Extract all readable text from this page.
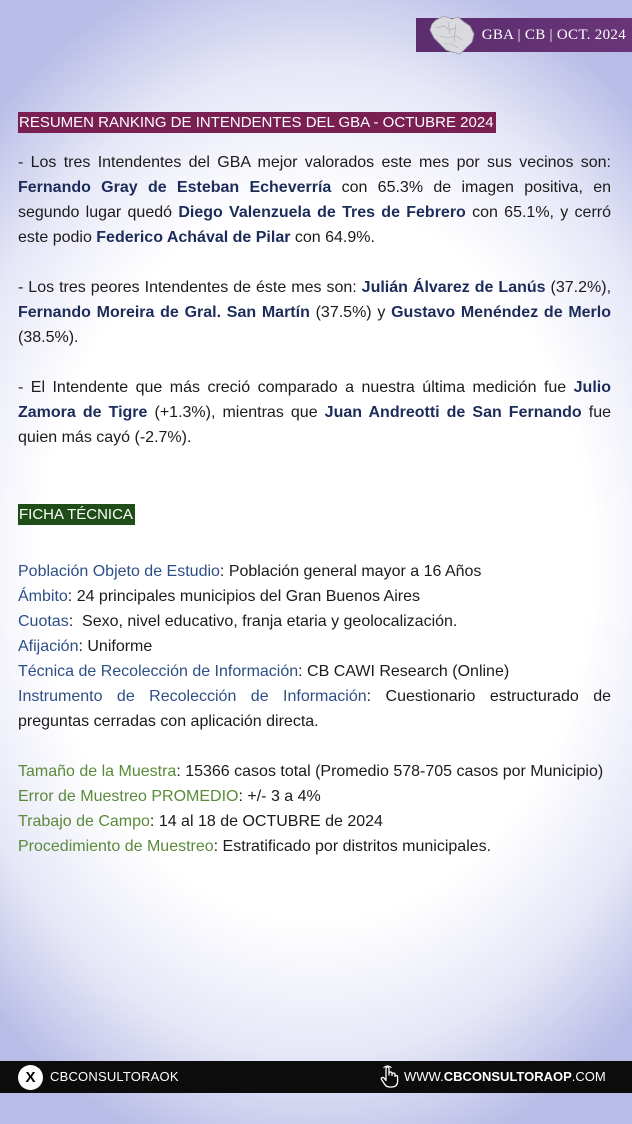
GBA | CB | OCT. 2024
RESUMEN RANKING DE INTENDENTES DEL GBA - OCTUBRE 2024
- Los tres Intendentes del GBA mejor valorados este mes por sus vecinos son: Fernando Gray de Esteban Echeverría con 65.3% de imagen positiva, en segundo lugar quedó Diego Valenzuela de Tres de Febrero con 65.1%, y cerró este podio Federico Achával de Pilar con 64.9%.
- Los tres peores Intendentes de éste mes son: Julián Álvarez de Lanús (37.2%), Fernando Moreira de Gral. San Martín (37.5%) y Gustavo Menéndez de Merlo (38.5%).
- El Intendente que más creció comparado a nuestra última medición fue Julio Zamora de Tigre (+1.3%), mientras que Juan Andreotti de San Fernando fue quien más cayó (-2.7%).
FICHA TÉCNICA
Población Objeto de Estudio: Población general mayor a 16 Años
Ámbito: 24 principales municipios del Gran Buenos Aires
Cuotas:  Sexo, nivel educativo, franja etaria y geolocalización.
Afijación: Uniforme
Técnica de Recolección de Información: CB CAWI Research (Online)
Instrumento de Recolección de Información: Cuestionario estructurado de preguntas cerradas con aplicación directa.
Tamaño de la Muestra: 15366 casos total (Promedio 578-705 casos por Municipio)
Error de Muestreo PROMEDIO: +/- 3 a 4%
Trabajo de Campo: 14 al 18 de OCTUBRE de 2024
Procedimiento de Muestreo: Estratificado por distritos municipales.
X	CBCONSULTORAOK	WWW.CBCONSULTORAOP.COM
